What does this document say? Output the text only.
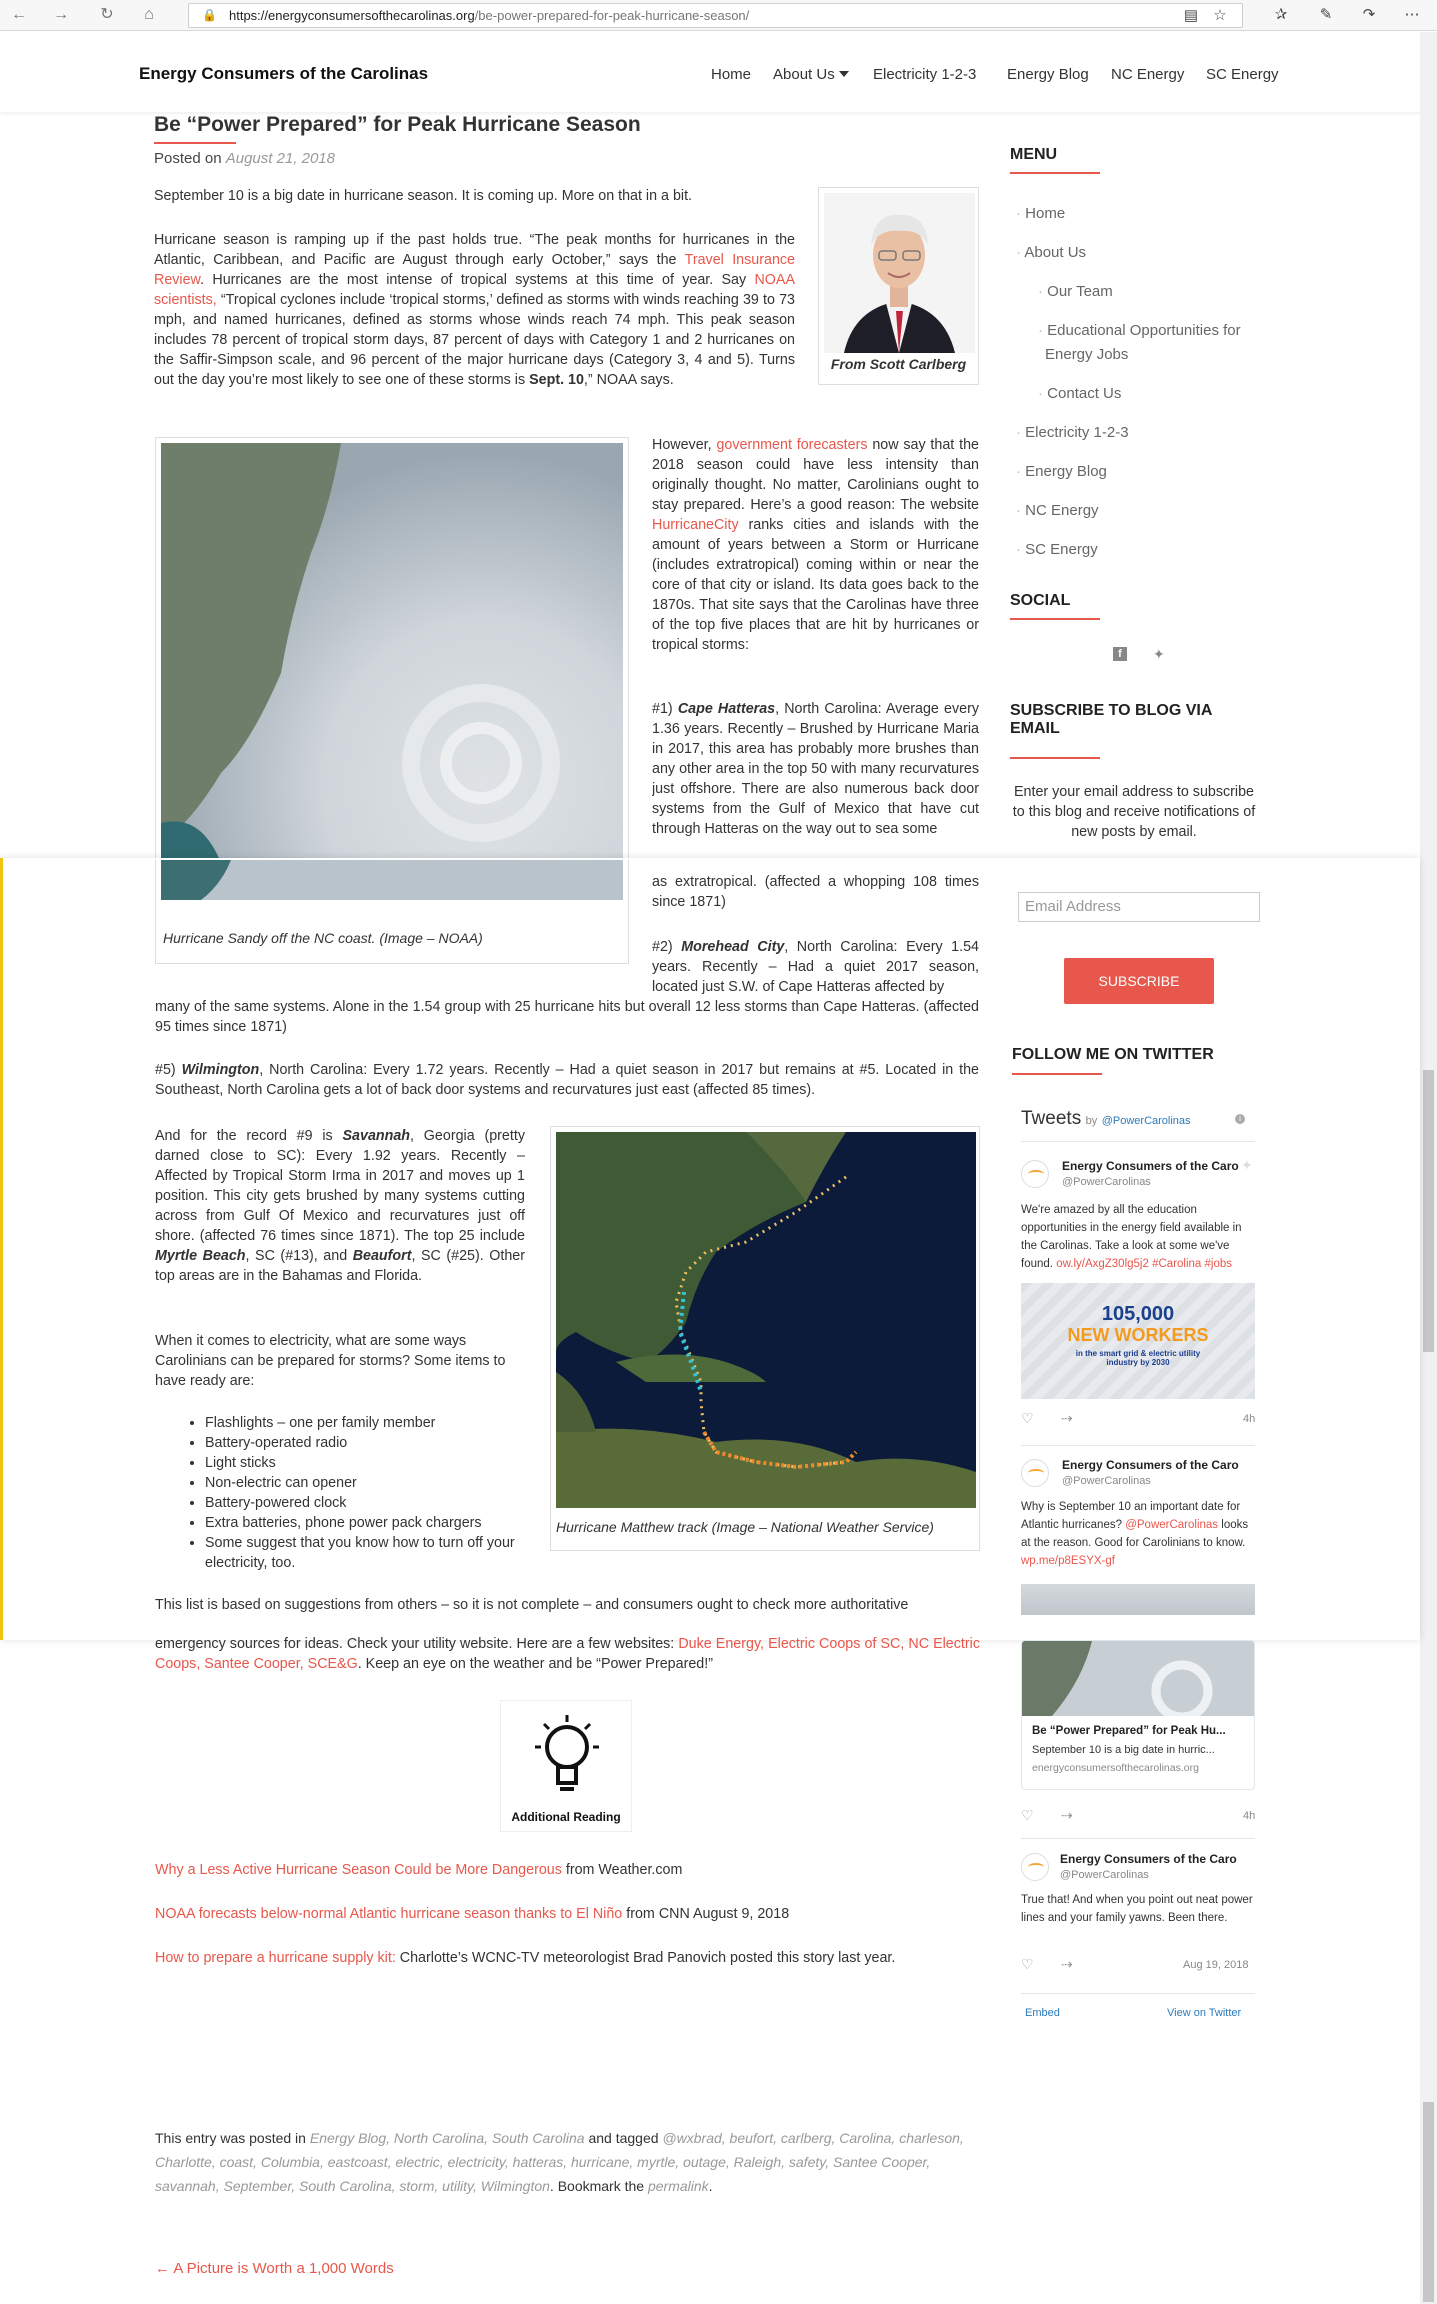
← → ↻	⌂	🔒 https://energyconsumersofthecarolinas.org/be-power-prepared-for-peak-hurricane-season/	▤ ☆	✰	✎	↷	⋯
Energy Consumers of the Carolinas	Home About Us	Electricity 1-2-3 Energy Blog NC Energy SC Energy
Be “Power Prepared” for Peak Hurricane Season
Posted on August 21, 2018

September 10 is a big date in hurricane season. It is coming up. More on that in a bit.

Hurricane season is ramping up if the past holds true. “The peak months for hurricanes in the Atlantic, Caribbean, and Pacific are August through early October,” says the Travel Insurance Review. Hurricanes are the most intense of tropical systems at this time of year. Say NOAA scientists, “Tropical cyclones include ‘tropical storms,’ defined as storms with winds reaching 39 to 73 mph, and named hurricanes, defined as storms whose winds reach 74 mph. This peak season includes 78 percent of tropical storm days, 87 percent of days with Category 1 and 2 hurricanes on the Saffir-Simpson scale, and 96 percent of the major hurricane days (Category 3, 4 and 5). Turns out the day you’re most likely to see one of these storms is Sept. 10,” NOAA says.

From Scott Carlberg

However, government forecasters now say that the 2018 season could have less intensity than originally thought. No matter, Carolinians ought to stay prepared. Here’s a good reason: The website HurricaneCity ranks cities and islands with the amount of years between a Storm or Hurricane (includes extratropical) coming within or near the core of that city or island. Its data goes back to the 1870s. That site says that the Carolinas have three of the top five places that are hit by hurricanes or tropical storms:

#1) Cape Hatteras, North Carolina: Average every 1.36 years. Recently – Brushed by Hurricane Maria in 2017, this area has probably more brushes than any other area in the top 50 with many recurvatures just offshore. There are also numerous back door systems from the Gulf of Mexico that have cut through Hatteras on the way out to sea some

MENU
· Home
· About Us
· Our Team
· Educational Opportunities for
Energy Jobs
· Contact Us
· Electricity 1-2-3
· Energy Blog
· NC Energy
· SC Energy
SOCIAL
f	✦
SUBSCRIBE TO BLOG VIA
EMAIL
Enter your email address to subscribe to this blog and receive notifications of new posts by email.
Hurricane Sandy off the NC coast. (Image – NOAA)

as extratropical. (affected a whopping 108 times since 1871)

#2) Morehead City, North Carolina: Every 1.54 years. Recently – Had a quiet 2017 season, located just S.W. of Cape Hatteras affected by

many of the same systems. Alone in the 1.54 group with 25 hurricane hits but overall 12 less storms than Cape Hatteras. (affected 95 times since 1871)

#5) Wilmington, North Carolina: Every 1.72 years. Recently – Had a quiet season in 2017 but remains at #5. Located in the Southeast, North Carolina gets a lot of back door systems and recurvatures just east (affected 85 times).

And for the record #9 is Savannah, Georgia (pretty darned close to SC): Every 1.92 years. Recently – Affected by Tropical Storm Irma in 2017 and moves up 1 position. This city gets brushed by many systems cutting across from Gulf Of Mexico and recurvatures just off shore. (affected 76 times since 1871). The top 25 include Myrtle Beach, SC (#13), and Beaufort, SC (#25). Other top areas are in the Bahamas and Florida.

When it comes to electricity, what are some ways Carolinians can be prepared for storms? Some items to have ready are:

• Flashlights – one per family member
• Battery-operated radio
• Light sticks
• Non-electric can opener
• Battery-powered clock
• Extra batteries, phone power pack chargers
• Some suggest that you know how to turn off your electricity, too.
Hurricane Matthew track (Image – National Weather Service)

This list is based on suggestions from others – so it is not complete – and consumers ought to check more authoritative

Email Address
SUBSCRIBE
FOLLOW ME ON TWITTER
Tweets by @PowerCarolinas	i
Energy Consumers of the Caro
@PowerCarolinas
✦
We're amazed by all the education opportunities in the energy field available in the Carolinas. Take a look at some we've found. ow.ly/AxgZ30lg5j2 #Carolina #jobs
105,000
NEW WORKERS
in the smart grid & electric utility industry by 2030
♡ ⇢	4h
Energy Consumers of the Caro
@PowerCarolinas
Why is September 10 an important date for Atlantic hurricanes? @PowerCarolinas looks at the reason. Good for Carolinians to know. wp.me/p8ESYX-gf

emergency sources for ideas. Check your utility website. Here are a few websites: Duke Energy, Electric Coops of SC, NC Electric Coops, Santee Cooper, SCE&G. Keep an eye on the weather and be “Power Prepared!”

Additional Reading

Why a Less Active Hurricane Season Could be More Dangerous from Weather.com

NOAA forecasts below-normal Atlantic hurricane season thanks to El Niño from CNN August 9, 2018

How to prepare a hurricane supply kit: Charlotte’s WCNC-TV meteorologist Brad Panovich posted this story last year.

This entry was posted in Energy Blog, North Carolina, South Carolina and tagged @wxbrad, beufort, carlberg, Carolina, charleson, Charlotte, coast, Columbia, eastcoast, electric, electricity, hatteras, hurricane, myrtle, outage, Raleigh, safety, Santee Cooper, savannah, September, South Carolina, storm, utility, Wilmington. Bookmark the permalink.
← A Picture is Worth a 1,000 Words
Be “Power Prepared” for Peak Hu...
September 10 is a big date in hurric...
energyconsumersofthecarolinas.org
♡ ⇢	4h
Energy Consumers of the Caro
@PowerCarolinas
True that! And when you point out neat power lines and your family yawns. Been there.
♡ ⇢	Aug 19, 2018
Embed	View on Twitter
